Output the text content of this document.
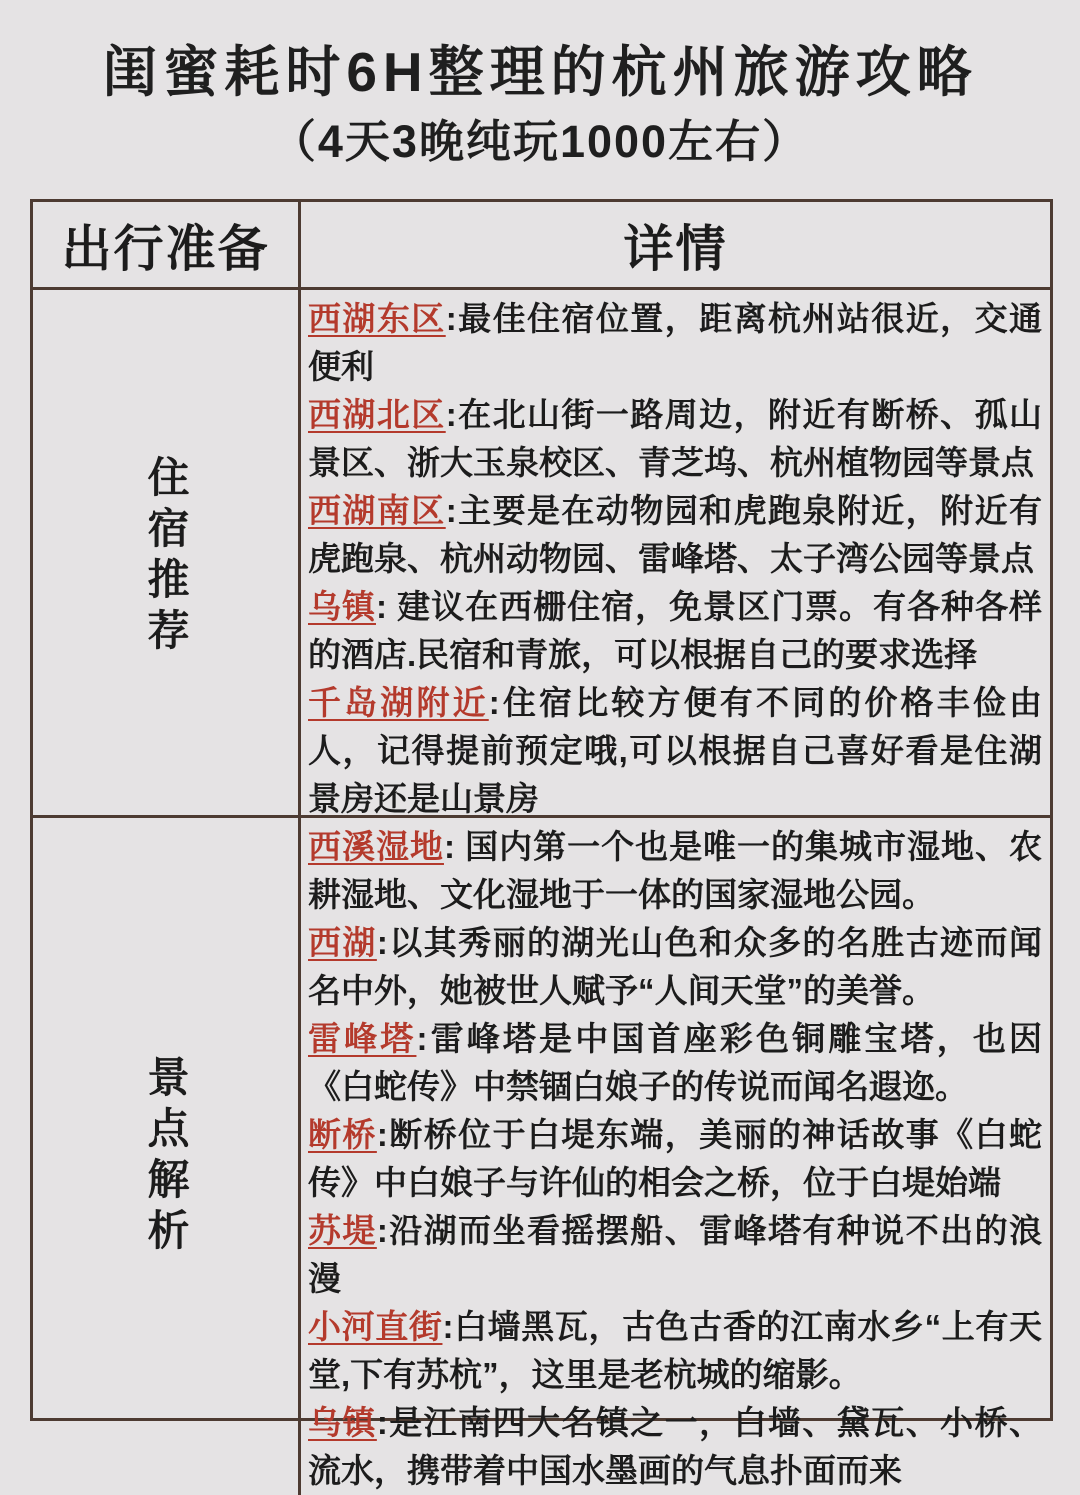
闺蜜耗时6H整理的杭州旅游攻略
（4天3晚纯玩1000左右）
出行准备	详情
住宿推荐

西湖东区:最佳住宿位置，距离杭州站很近，交通便利

西湖北区:在北山街一路周边，附近有断桥、孤山景区、浙大玉泉校区、青芝坞、杭州植物园等景点

西湖南区:主要是在动物园和虎跑泉附近，附近有虎跑泉、杭州动物园、雷峰塔、太子湾公园等景点

乌镇: 建议在西栅住宿，免景区门票。有各种各样的酒店.民宿和青旅，可以根据自己的要求选择

千岛湖附近:住宿比较方便有不同的价格丰俭由人，记得提前预定哦,可以根据自己喜好看是住湖景房还是山景房

景点解析

西溪湿地: 国内第一个也是唯一的集城市湿地、农耕湿地、文化湿地于一体的国家湿地公园。

西湖:以其秀丽的湖光山色和众多的名胜古迹而闻名中外，她被世人赋予“人间天堂”的美誉。

雷峰塔:雷峰塔是中国首座彩色铜雕宝塔，也因《白蛇传》中禁锢白娘子的传说而闻名遐迩。

断桥:断桥位于白堤东端，美丽的神话故事《白蛇传》中白娘子与许仙的相会之桥，位于白堤始端

苏堤:沿湖而坐看摇摆船、雷峰塔有种说不出的浪漫

小河直街:白墙黑瓦，古色古香的江南水乡“上有天堂,下有苏杭”，这里是老杭城的缩影。

乌镇:是江南四大名镇之一，白墙、黛瓦、小桥、流水，携带着中国水墨画的气息扑面而来
